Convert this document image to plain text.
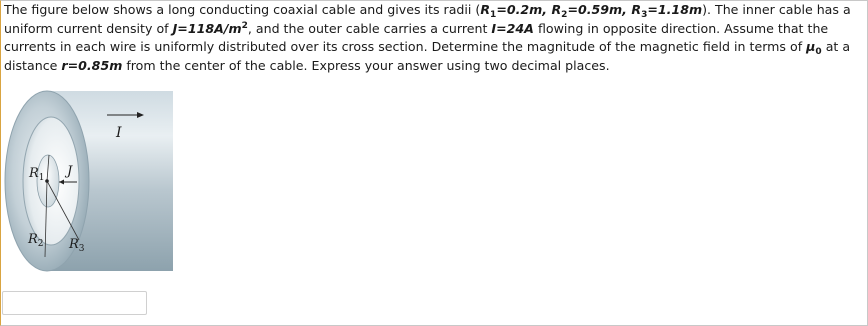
The figure below shows a long conducting coaxial cable and gives its radii ($R_1=0.2m$, $R_2=0.59m$, $R_3=1.18m$). The inner cable has a uniform current density of $J=118A/m^2$, and the outer cable carries a current I=24A flowing in opposite direction. Assume that the currents in each wire is uniformly distributed over its cross section. Determine the magnitude of the magnetic field in terms of $\mu_0$ at a distance r=0.85m from the center of the cable. Express your answer using two decimal places.

I
J
$R_1$
$R_2$ $R_3$
